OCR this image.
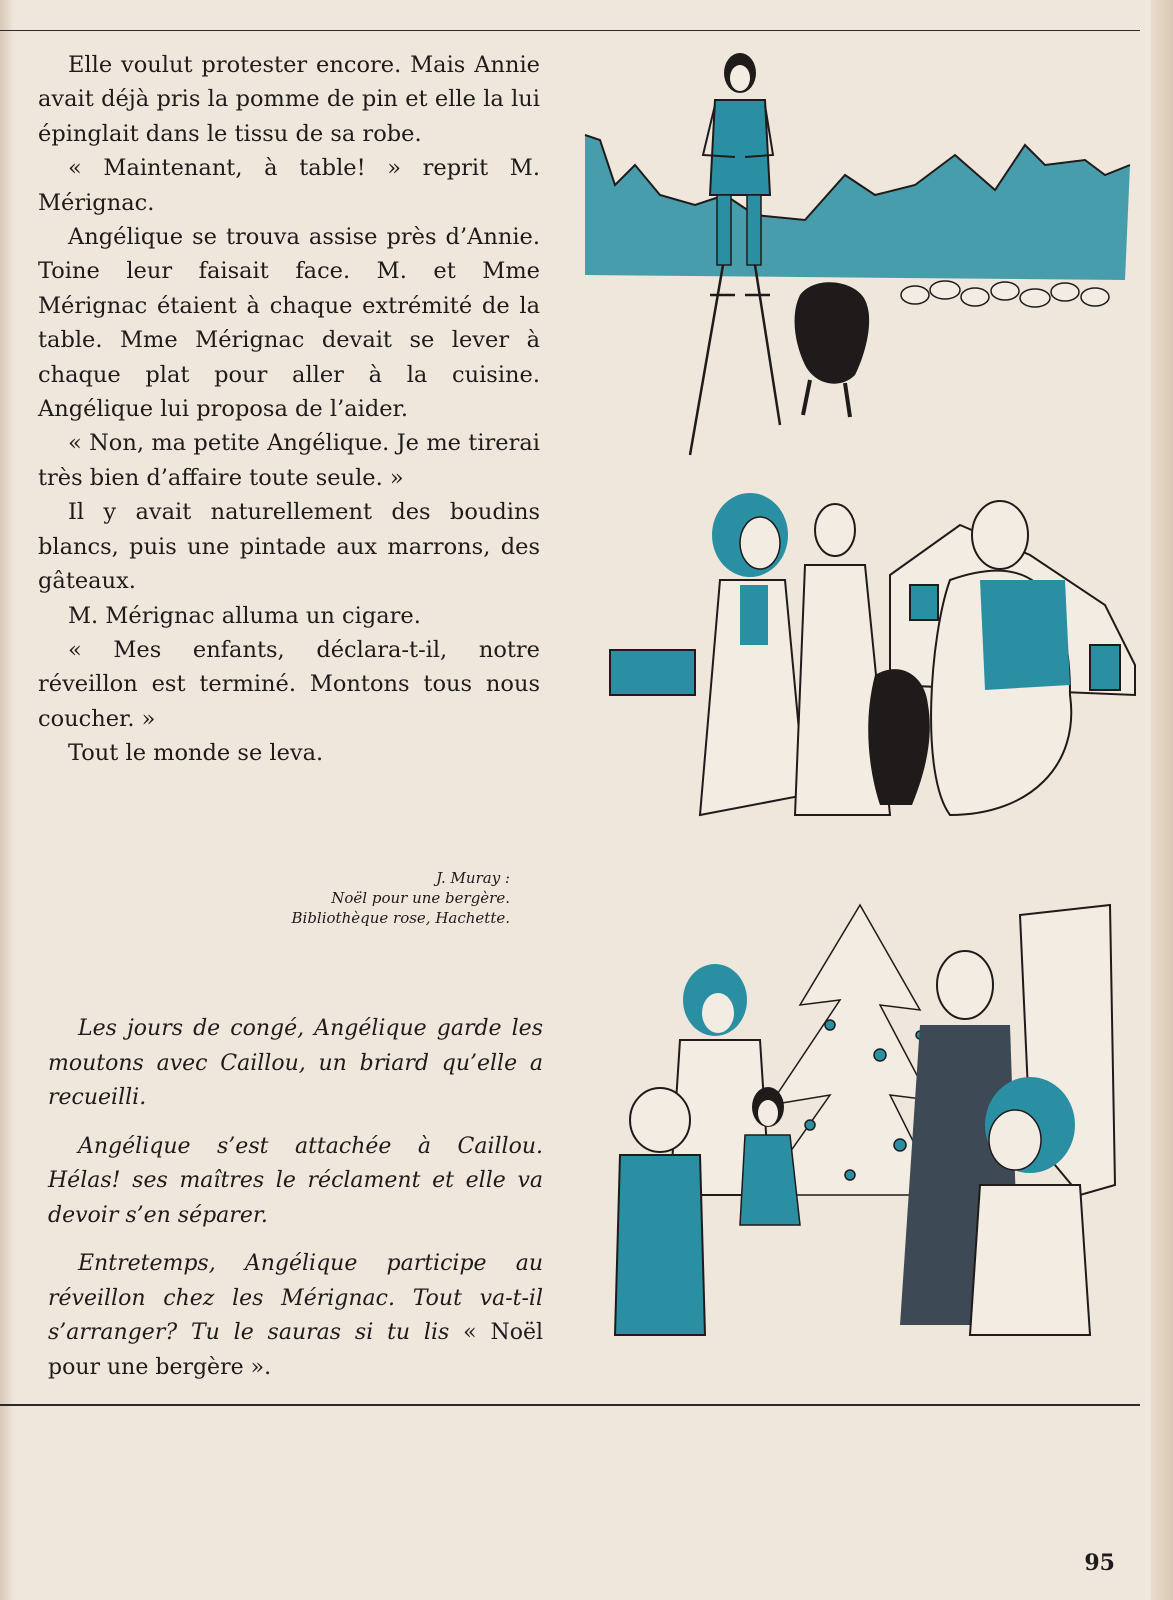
Elle voulut protester encore. Mais Annie avait déjà pris la pomme de pin et elle la lui épinglait dans le tissu de sa robe.

« Maintenant, à table! » reprit M. Mérignac.

Angélique se trouva assise près d’Annie. Toine leur faisait face. M. et Mme Mérignac étaient à chaque extrémité de la table. Mme Mérignac devait se lever à chaque plat pour aller à la cuisine. Angélique lui proposa de l’aider.

« Non, ma petite Angélique. Je me tirerai très bien d’affaire toute seule. »

Il y avait naturellement des boudins blancs, puis une pintade aux marrons, des gâteaux.

M. Mérignac alluma un cigare.

« Mes enfants, déclara-t-il, notre réveillon est terminé. Montons tous nous coucher. »

Tout le monde se leva.

J. Muray :
Noël pour une bergère.
Bibliothèque rose, Hachette.

Les jours de congé, Angélique garde les moutons avec Caillou, un briard qu’elle a recueilli.

Angélique s’est attachée à Caillou. Hélas! ses maîtres le réclament et elle va devoir s’en séparer.

Entretemps, Angélique participe au réveillon chez les Mérignac. Tout va-t-il s’arranger? Tu le sauras si tu lis « Noël pour une bergère ».

95
